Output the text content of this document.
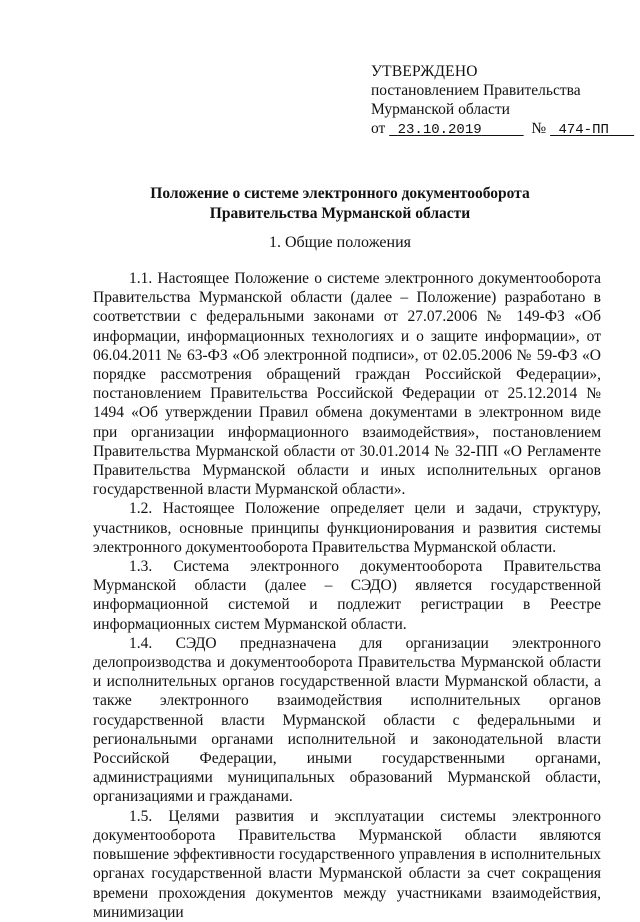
УТВЕРЖДЕНО
постановлением Правительства
Мурманской области
от 23.10.2019	№ 474-ПП
Положение о системе электронного документооборота
Правительства Мурманской области
1. Общие положения

1.1. Настоящее Положение о системе электронного документооборота Правительства Мурманской области (далее – Положение) разработано в соответствии с федеральными законами от 27.07.2006 № 149-ФЗ «Об информации, информационных технологиях и о защите информации», от 06.04.2011 № 63-ФЗ «Об электронной подписи», от 02.05.2006 № 59-ФЗ «О порядке рассмотрения обращений граждан Российской Федерации», постановлением Правительства Российской Федерации от 25.12.2014 № 1494 «Об утверждении Правил обмена документами в электронном виде при организации информационного взаимодействия», постановлением Правительства Мурманской области от 30.01.2014 № 32-ПП «О Регламенте Правительства Мурманской области и иных исполнительных органов государственной власти Мурманской области».

1.2. Настоящее Положение определяет цели и задачи, структуру, участников, основные принципы функционирования и развития системы электронного документооборота Правительства Мурманской области.

1.3. Система электронного документооборота Правительства Мурманской области (далее – СЭДО) является государственной информационной системой и подлежит регистрации в Реестре информационных систем Мурманской области.

1.4. СЭДО предназначена для организации электронного делопроизводства и документооборота Правительства Мурманской области и исполнительных органов государственной власти Мурманской области, а также электронного взаимодействия исполнительных органов государственной власти Мурманской области с федеральными и региональными органами исполнительной и законодательной власти Российской Федерации, иными государственными органами, администрациями муниципальных образований Мурманской области, организациями и гражданами.

1.5. Целями развития и эксплуатации системы электронного документооборота Правительства Мурманской области являются повышение эффективности государственного управления в исполнительных органах государственной власти Мурманской области за счет сокращения времени прохождения документов между участниками взаимодействия, минимизации
